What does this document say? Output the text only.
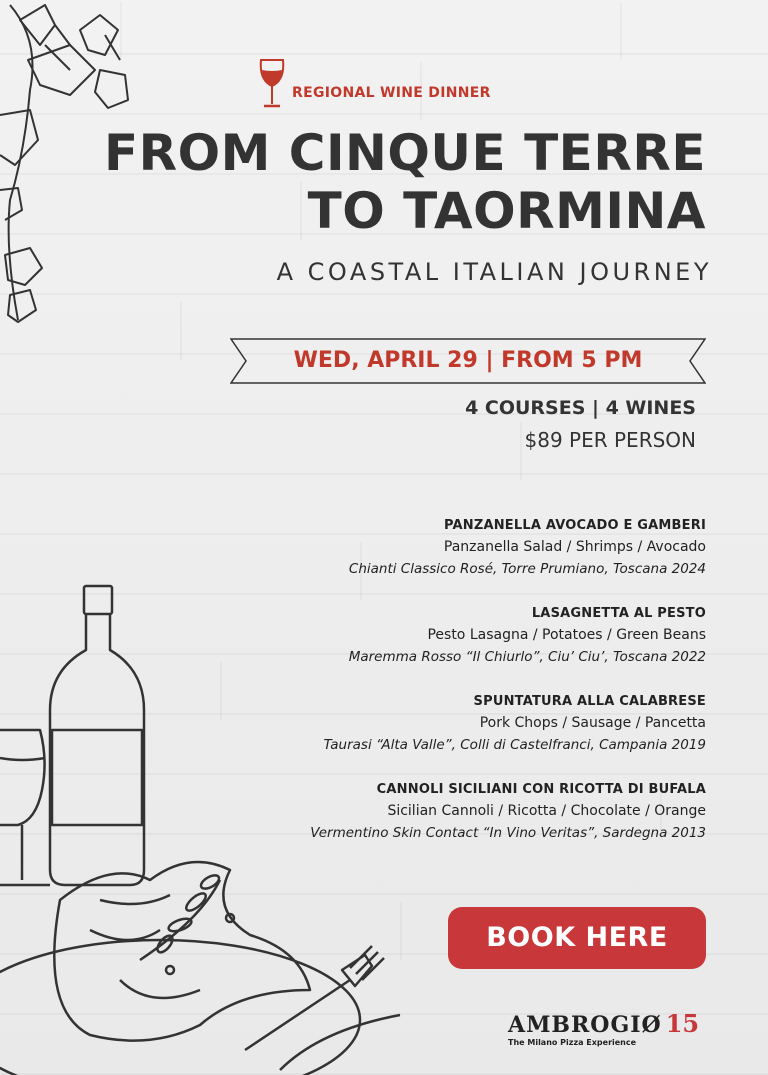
REGIONAL WINE DINNER
FROM CINQUE TERRE
TO TAORMINA
A COASTAL ITALIAN JOURNEY
WED, APRIL 29 | FROM 5 PM
4 COURSES | 4 WINES
$89 PER PERSON
PANZANELLA AVOCADO E GAMBERI
Panzanella Salad / Shrimps / Avocado
Chianti Classico Rosé, Torre Prumiano, Toscana 2024
LASAGNETTA AL PESTO
Pesto Lasagna / Potatoes / Green Beans
Maremma Rosso “Il Chiurlo”, Ciu’ Ciu’, Toscana 2022
SPUNTATURA ALLA CALABRESE
Pork Chops / Sausage / Pancetta
Taurasi “Alta Valle”, Colli di Castelfranci, Campania 2019
CANNOLI SICILIANI CON RICOTTA DI BUFALA
Sicilian Cannoli / Ricotta / Chocolate / Orange
Vermentino Skin Contact “In Vino Veritas”, Sardegna 2013
BOOK HERE
AMBROGIØ 15
The Milano Pizza Experience
